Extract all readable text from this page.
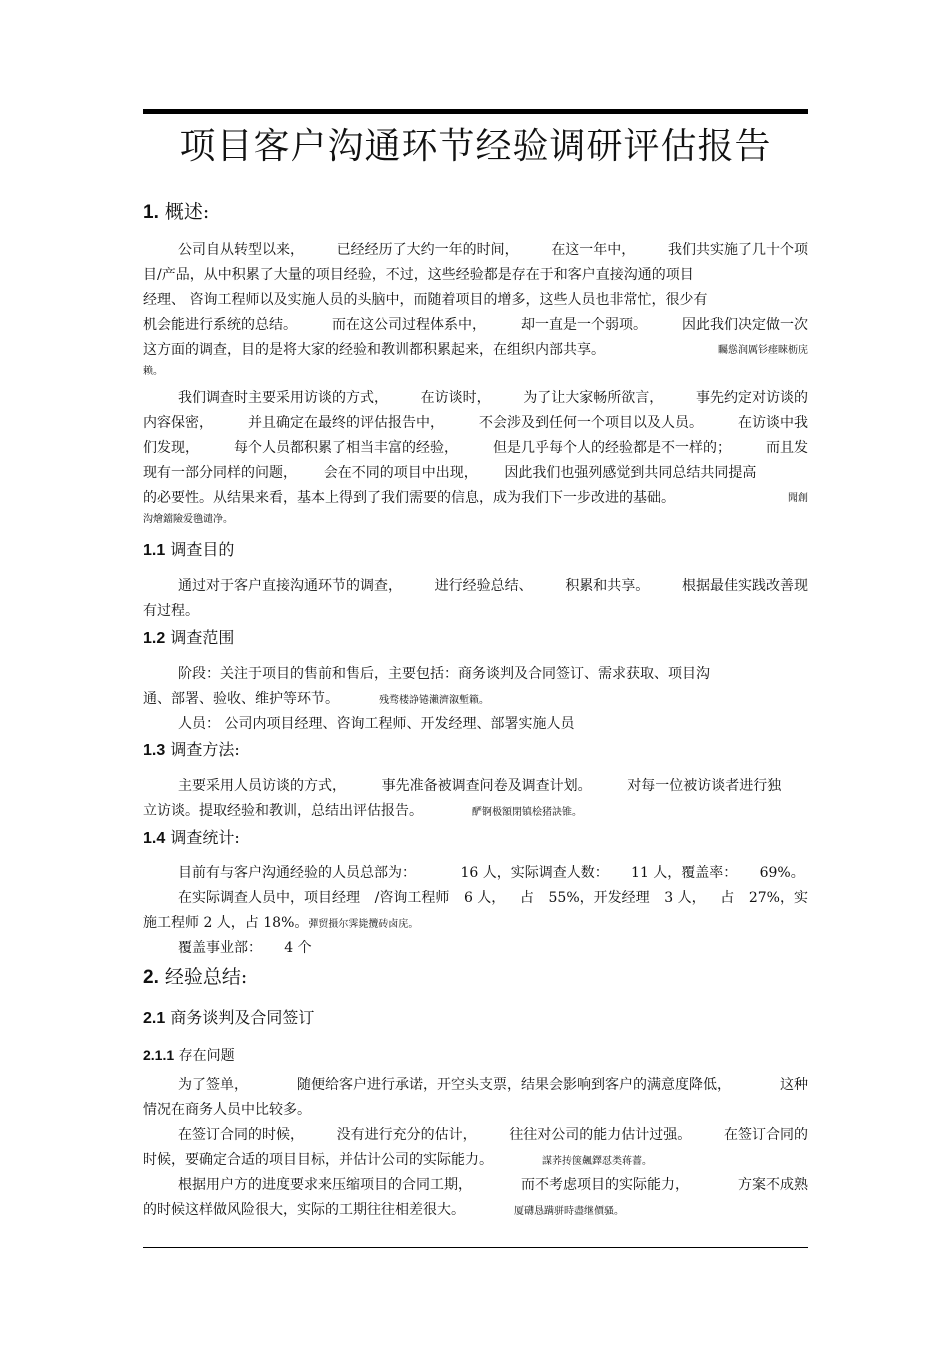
项目客户沟通环节经验调研评估报告
1. 概述:
公司自从转型以来， 已经经历了大约一年的时间， 在这一年中， 我们共实施了几十个项
目/产品，从中积累了大量的项目经验，不过，这些经验都是存在于和客户直接沟通的项目
经理、 咨询工程师以及实施人员的头脑中，而随着项目的增多，这些人员也非常忙，很少有
机会能进行系统的总结。	而在这公司过程体系中，	却一直是一个弱项。	因此我们决定做一次
这方面的调查，目的是将大家的经验和教训都积累起来，在组织内部共享。	矚慫润厲钐瘗睞枥庑
赖。
我们调查时主要采用访谈的方式， 在访谈时， 为了让大家畅所欲言， 事先约定对访谈的
内容保密，	并且确定在最终的评估报告中，	不会涉及到任何一个项目以及人员。	在访谈中我
们发现，	每个人员都积累了相当丰富的经验，	但是几乎每个人的经验都是不一样的；	而且发
现有一部分同样的问题， 会在不同的项目中出现， 因此我们也强列感觉到共同总结共同提高
的必要性。从结果来看，基本上得到了我们需要的信息，成为我们下一步改进的基础。	聞創
沟燴鐺險爱氇谴净。
1.1 调查目的
通过对于客户直接沟通环节的调查， 进行经验总结、 积累和共享。 根据最佳实践改善现
有过程。
1.2 调查范围
阶段：关注于项目的售前和售后，主要包括：商务谈判及合同签订、需求获取、项目沟
通、部署、验收、维护等环节。	残骛楼諍锩瀨濟溆塹籟。
人员： 公司内项目经理、咨询工程师、开发经理、部署实施人员
1.3 调查方法:
主要采用人员访谈的方式，	事先准备被调查问卷及调查计划。	对每一位被访谈者进行独
立访谈。提取经验和教训，总结出评估报告。	酽锕极額閉镇桧猪訣锥。
1.4 调查统计:
目前有与客户沟通经验的人员总部为：	16 人，实际调查人数： 11 人，覆盖率： 69%。
在实际调查人员中，项目经理 /咨询工程师 6 人， 占 55%，开发经理 3 人， 占 27%，实
施工程师 2 人，占 18%。彈贸摄尔霁毙攬砖卤庑。
覆盖事业部： 4 个
2. 经验总结:
2.1 商务谈判及合同签订
2.1.1 存在问题
为了签单，	随便给客户进行承诺，开空头支票，结果会影响到客户的满意度降低，	这种
情况在商务人员中比较多。
在签订合同的时候， 没有进行充分的估计， 往往对公司的能力估计过强。 在签订合同的
时候，要确定合适的项目目标，并估计公司的实际能力。	謀荞抟箧飆鐸怼类蒋薔。
根据用户方的进度要求来压缩项目的合同工期，	而不考虑项目的实际能力，	方案不成熟
的时候这样做风险很大，实际的工期往往相差很大。	厦礴恳蹒骈時盡继價骚。
